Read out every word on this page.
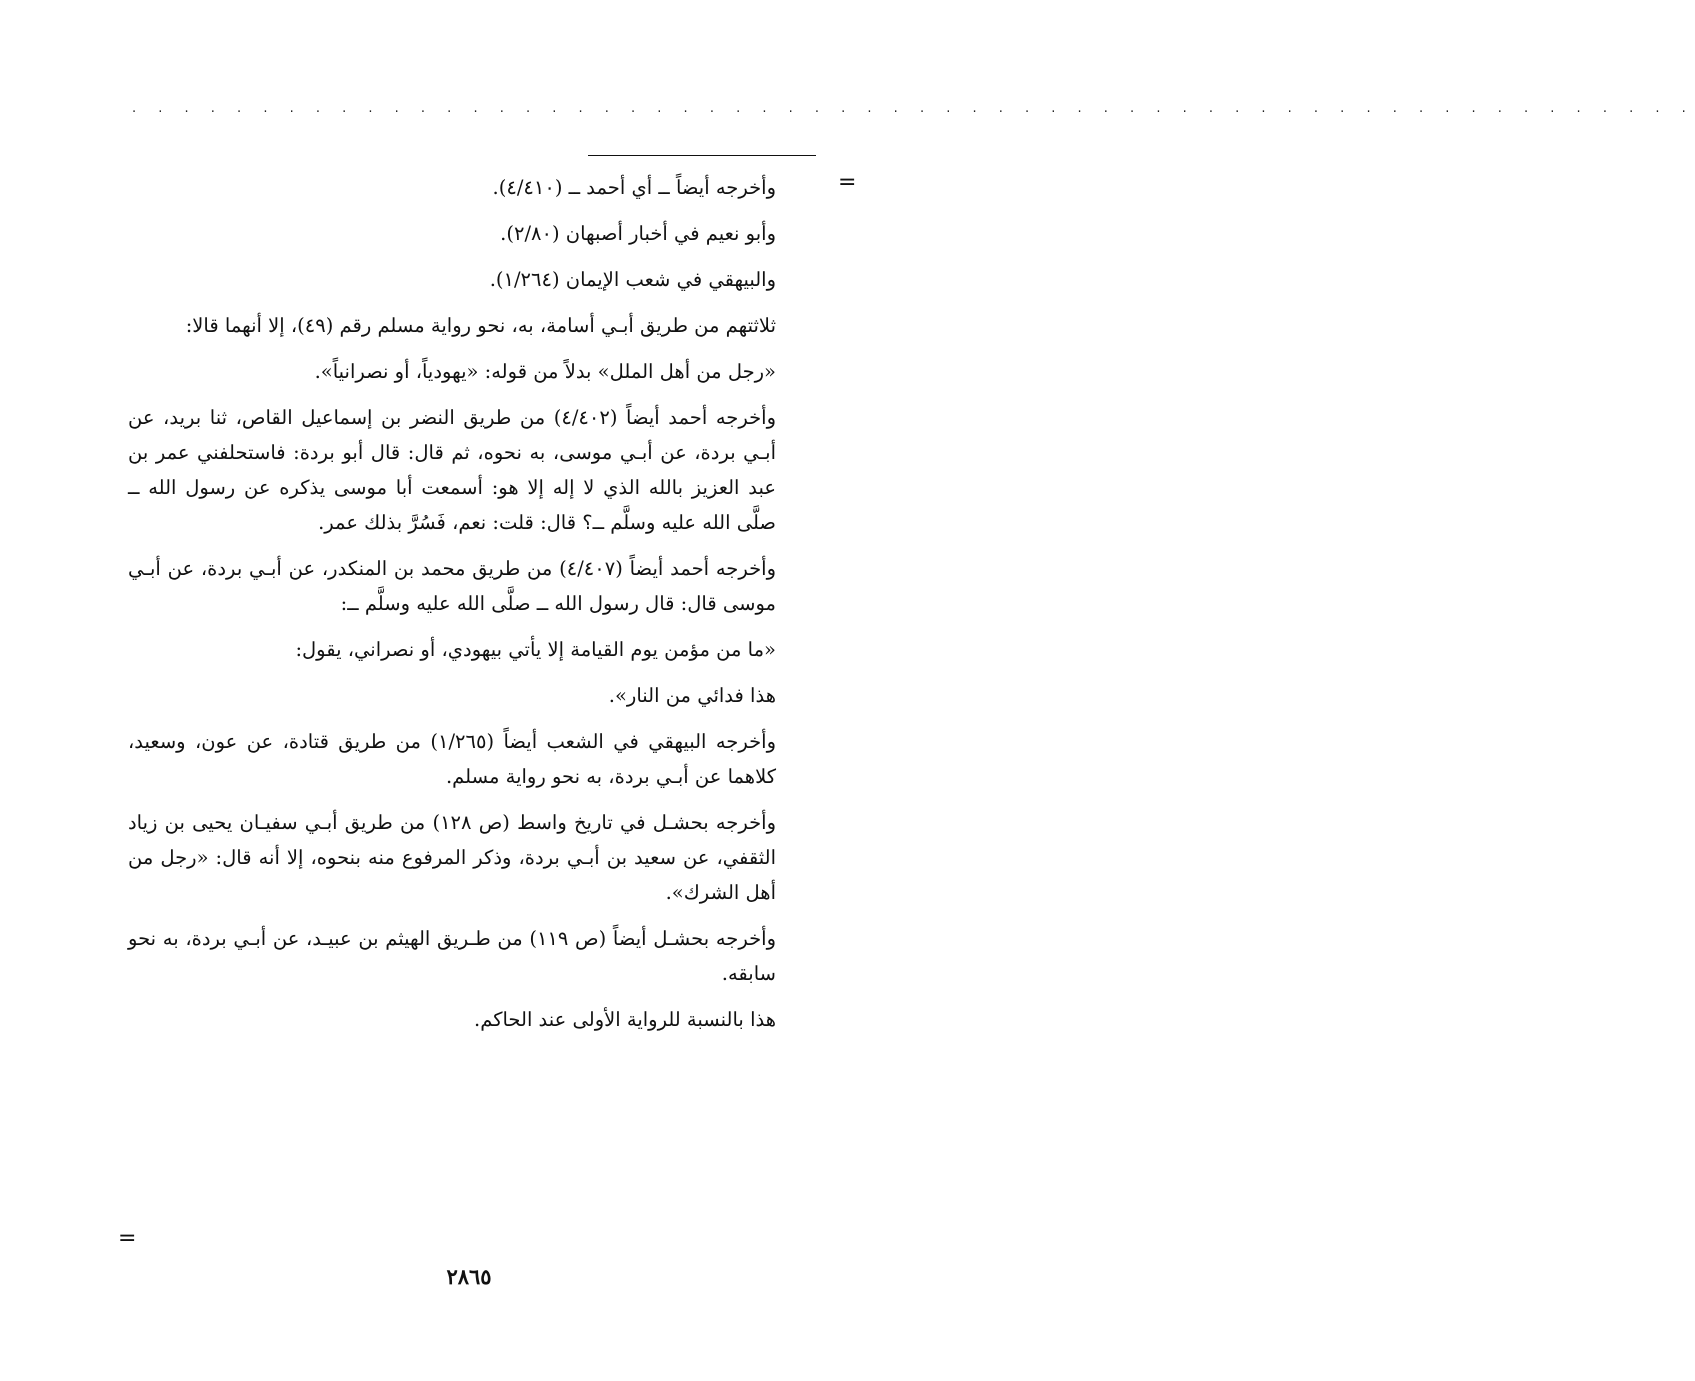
· · · · · · · · · · · · · · · · · · · · · · · · · · · · · · · · · · · · · · · · · · · · · · · · · · · · · · · · · · · ·
=

وأخرجه أيضاً ــ أي أحمد ــ (٤/٤١٠).

وأبو نعيم في أخبار أصبهان (٢/٨٠).

والبيهقي في شعب الإيمان (١/٢٦٤).

ثلاثتهم من طريق أبـي أسامة، به، نحو رواية مسلم رقم (٤٩)، إلا أنهما قالا:

«رجل من أهل الملل» بدلاً من قوله: «يهودياً، أو نصرانياً».

وأخرجه أحمد أيضاً (٤/٤٠٢) من طريق النضر بن إسماعيل القاص، ثنا بريد، عن أبـي بردة، عن أبـي موسى، به نحوه، ثم قال: قال أبو بردة: فاستحلفني عمر بن عبد العزيز بالله الذي لا إله إلا هو: أسمعت أبا موسى يذكره عن رسول الله ــ صلَّى الله عليه وسلَّم ــ؟ قال: قلت: نعم، فَسُرَّ بذلك عمر.

وأخرجه أحمد أيضاً (٤/٤٠٧) من طريق محمد بن المنكدر، عن أبـي بردة، عن أبـي موسى قال: قال رسول الله ــ صلَّى الله عليه وسلَّم ــ:

«ما من مؤمن يوم القيامة إلا يأتي بيهودي، أو نصراني، يقول:

هذا فدائي من النار».

وأخرجه البيهقي في الشعب أيضاً (١/٢٦٥) من طريق قتادة، عن عون، وسعيد، كلاهما عن أبـي بردة، به نحو رواية مسلم.

وأخرجه بحشـل في تاريخ واسط (ص ١٢٨) من طريق أبـي سفيـان يحيى بن زياد الثقفي، عن سعيد بن أبـي بردة، وذكر المرفوع منه بنحوه، إلا أنه قال: «رجل من أهل الشرك».

وأخرجه بحشـل أيضاً (ص ١١٩) من طـريق الهيثم بن عبيـد، عن أبـي بردة، به نحو سابقه.

هذا بالنسبة للرواية الأولى عند الحاكم.

=
٢٨٦٥
